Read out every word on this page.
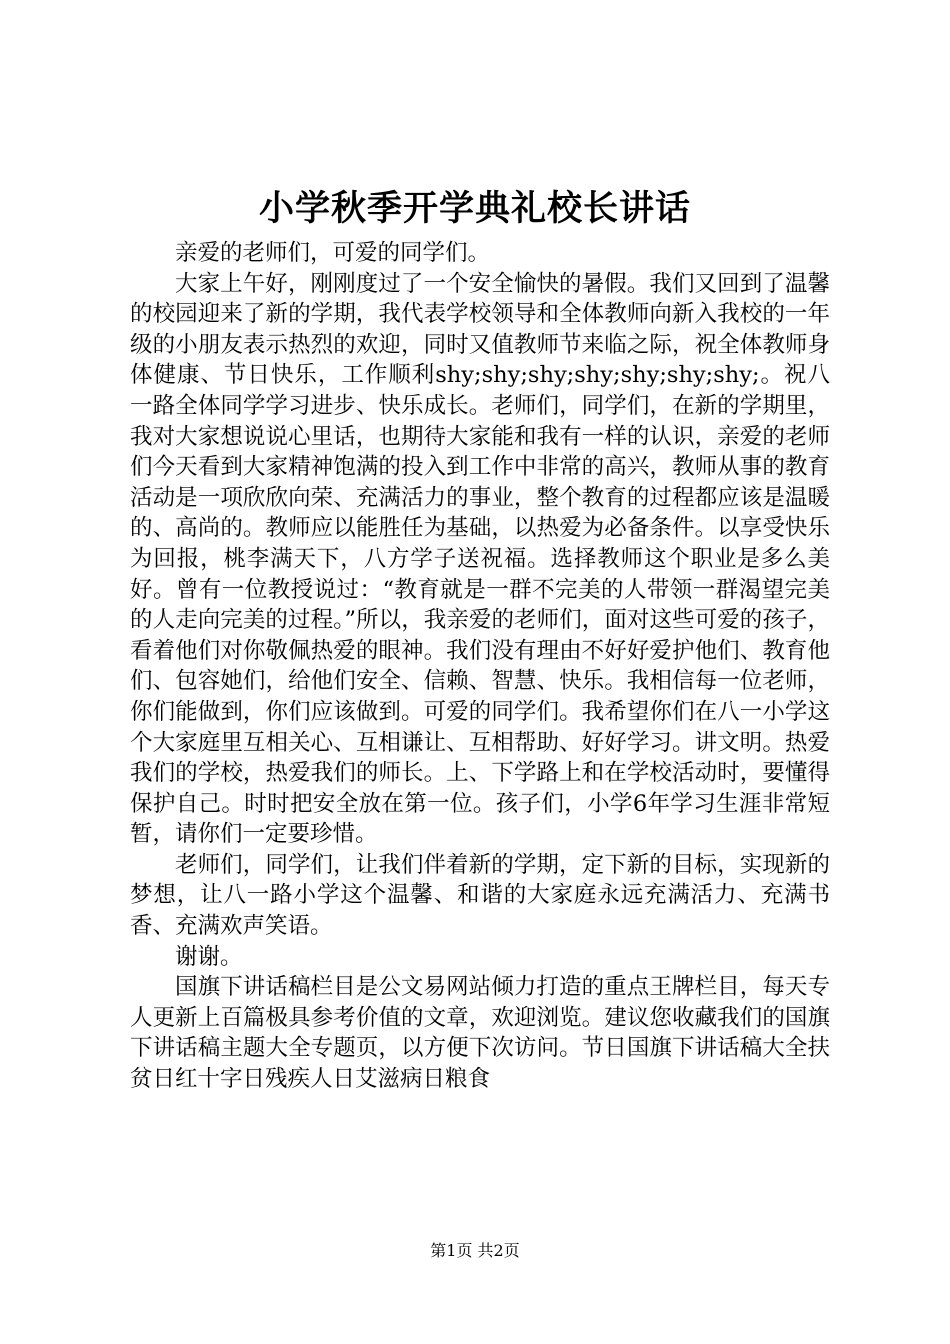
小学秋季开学典礼校长讲话

亲爱的老师们，可爱的同学们。

大家上午好，刚刚度过了一个安全愉快的暑假。我们又回到了温馨的校园迎来了新的学期，我代表学校领导和全体教师向新入我校的一年级的小朋友表示热烈的欢迎，同时又值教师节来临之际，祝全体教师身体健康、节日快乐，工作顺利shy;shy;shy;shy;shy;shy;shy;。祝八一路全体同学学习进步、快乐成长。老师们，同学们，在新的学期里，我对大家想说说心里话，也期待大家能和我有一样的认识，亲爱的老师们今天看到大家精神饱满的投入到工作中非常的高兴，教师从事的教育活动是一项欣欣向荣、充满活力的事业，整个教育的过程都应该是温暖的、高尚的。教师应以能胜任为基础，以热爱为必备条件。以享受快乐为回报，桃李满天下，八方学子送祝福。选择教师这个职业是多么美好。曾有一位教授说过：“教育就是一群不完美的人带领一群渴望完美的人走向完美的过程。”所以，我亲爱的老师们，面对这些可爱的孩子，看着他们对你敬佩热爱的眼神。我们没有理由不好好爱护他们、教育他们、包容她们，给他们安全、信赖、智慧、快乐。我相信每一位老师，你们能做到，你们应该做到。可爱的同学们。我希望你们在八一小学这个大家庭里互相关心、互相谦让、互相帮助、好好学习。讲文明。热爱我们的学校，热爱我们的师长。上、下学路上和在学校活动时，要懂得保护自己。时时把安全放在第一位。孩子们，小学6年学习生涯非常短暂，请你们一定要珍惜。

老师们，同学们，让我们伴着新的学期，定下新的目标，实现新的梦想，让八一路小学这个温馨、和谐的大家庭永远充满活力、充满书香、充满欢声笑语。

谢谢。

国旗下讲话稿栏目是公文易网站倾力打造的重点王牌栏目，每天专人更新上百篇极具参考价值的文章，欢迎浏览。建议您收藏我们的国旗下讲话稿主题大全专题页，以方便下次访问。节日国旗下讲话稿大全扶贫日红十字日残疾人日艾滋病日粮食

第1页 共2页
